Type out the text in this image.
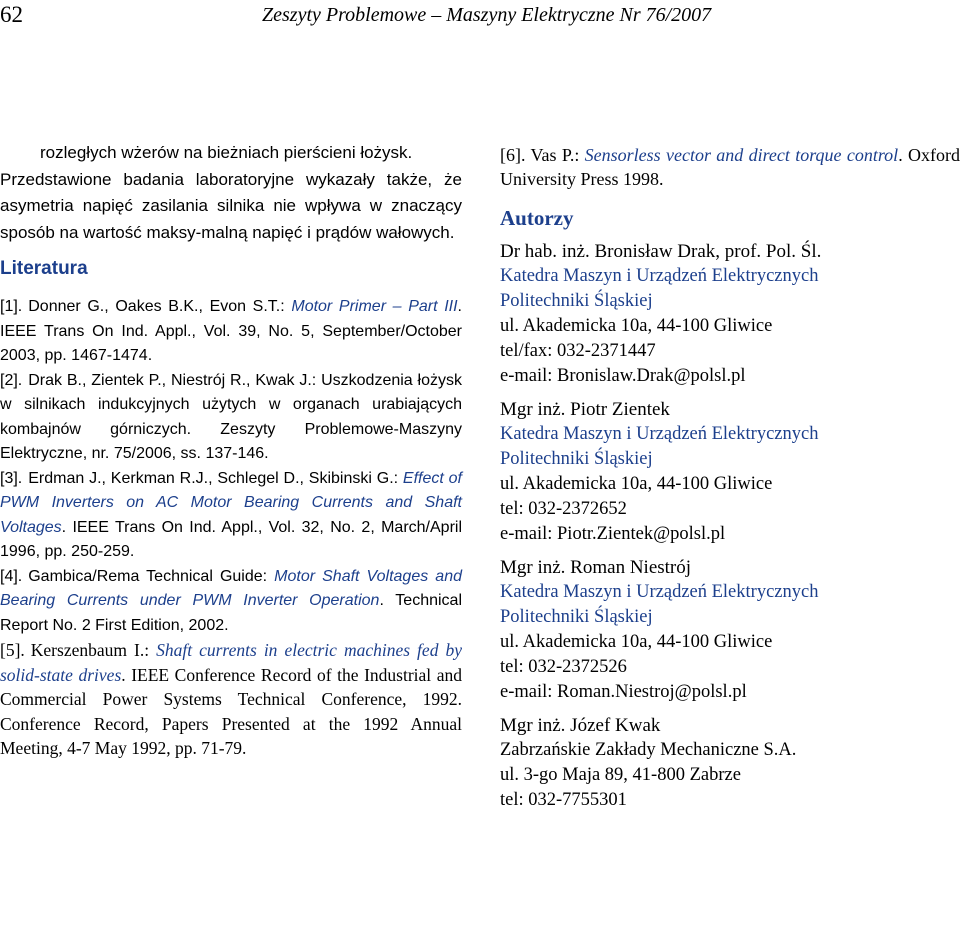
62	Zeszyty Problemowe – Maszyny Elektryczne Nr 76/2007

rozległych wżerów na bieżniach pierścieni łożysk.

Przedstawione badania laboratoryjne wykazały także, że asymetria napięć zasilania silnika nie wpływa w znaczący sposób na wartość maksy-malną napięć i prądów wałowych.

Literatura
[1]. Donner G., Oakes B.K., Evon S.T.: Motor Primer – Part III. IEEE Trans On Ind. Appl., Vol. 39, No. 5, September/October 2003, pp. 1467-1474.
[2]. Drak B., Zientek P., Niestrój R., Kwak J.: Uszkodzenia łożysk w silnikach indukcyjnych użytych w organach urabiających kombajnów górniczych. Zeszyty Problemowe-Maszyny Elektryczne, nr. 75/2006, ss. 137-146.
[3]. Erdman J., Kerkman R.J., Schlegel D., Skibinski G.: Effect of PWM Inverters on AC Motor Bearing Currents and Shaft Voltages. IEEE Trans On Ind. Appl., Vol. 32, No. 2, March/April 1996, pp. 250-259.
[4]. Gambica/Rema Technical Guide: Motor Shaft Voltages and Bearing Currents under PWM Inverter Operation. Technical Report No. 2 First Edition, 2002.
[5]. Kerszenbaum I.: Shaft currents in electric machines fed by solid-state drives. IEEE Conference Record of the Industrial and Commercial Power Systems Technical Conference, 1992. Conference Record, Papers Presented at the 1992 Annual Meeting, 4-7 May 1992, pp. 71-79.

[6]. Vas P.: Sensorless vector and direct torque control. Oxford University Press 1998.

Autorzy
Dr hab. inż. Bronisław Drak, prof. Pol. Śl.
Katedra Maszyn i Urządzeń Elektrycznych
Politechniki Śląskiej
ul. Akademicka 10a, 44-100 Gliwice
tel/fax: 032-2371447
e-mail: Bronislaw.Drak@polsl.pl
Mgr inż. Piotr Zientek
Katedra Maszyn i Urządzeń Elektrycznych
Politechniki Śląskiej
ul. Akademicka 10a, 44-100 Gliwice
tel: 032-2372652
e-mail: Piotr.Zientek@polsl.pl
Mgr inż. Roman Niestrój
Katedra Maszyn i Urządzeń Elektrycznych
Politechniki Śląskiej
ul. Akademicka 10a, 44-100 Gliwice
tel: 032-2372526
e-mail: Roman.Niestroj@polsl.pl
Mgr inż. Józef Kwak
Zabrzańskie Zakłady Mechaniczne S.A.
ul. 3-go Maja 89, 41-800 Zabrze
tel: 032-7755301
